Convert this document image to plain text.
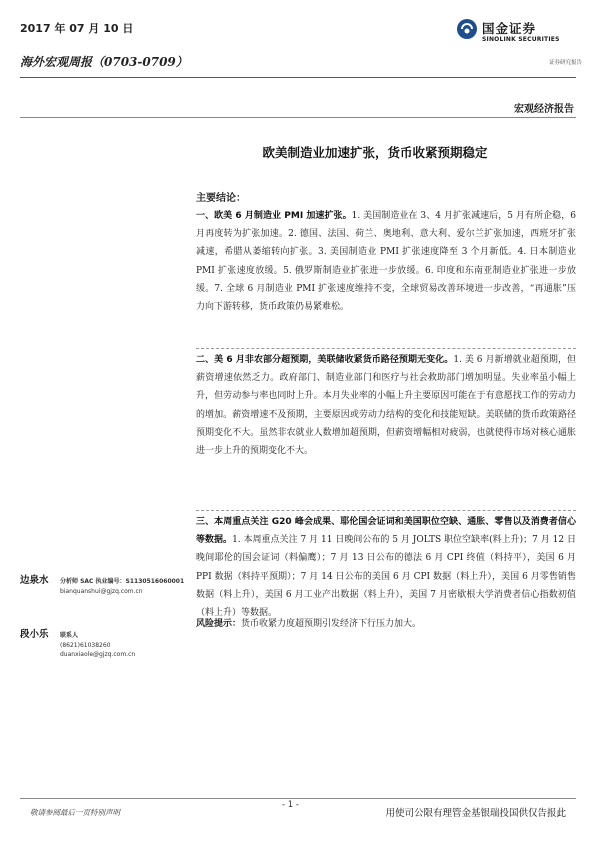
2017 年 07 月 10 日	国金证券
SINOLINK SECURITIES
证券研究报告
海外宏观周报（0703-0709）
宏观经济报告
欧美制造业加速扩张，货币收紧预期稳定
主要结论：
一、欧美 6 月制造业 PMI 加速扩张。1. 美国制造业在 3、4 月扩张减速后，5 月有所企稳，6 月再度转为扩张加速。2. 德国、法国、荷兰、奥地利、意大利、爱尔兰扩张加速，西班牙扩张减速，希腊从萎缩转向扩张。3. 美国制造业 PMI 扩张速度降至 3 个月新低。4. 日本制造业 PMI 扩张速度放缓。5. 俄罗斯制造业扩张进一步放缓。6. 印度和东南亚制造业扩张进一步放缓。7. 全球 6 月制造业 PMI 扩张速度维持不变，全球贸易改善环境进一步改善，“再通胀”压力向下游转移，货币政策仍易紧难松。
二、美 6 月非农部分超预期，美联储收紧货币路径预期无变化。1. 美 6 月新增就业超预期，但薪资增速依然乏力。政府部门、制造业部门和医疗与社会救助部门增加明显。失业率虽小幅上升，但劳动参与率也同时上升。本月失业率的小幅上升主要原因可能在于有意愿找工作的劳动力的增加。薪资增速不及预期，主要原因或劳动力结构的变化和技能短缺。美联储的货币政策路径预期变化不大。虽然非农就业人数增加超预期，但薪资增幅相对疲弱，也就使得市场对核心通胀进一步上升的预期变化不大。
三、本周重点关注 G20 峰会成果、耶伦国会证词和美国职位空缺、通胀、零售以及消费者信心等数据。1. 本周重点关注 7 月 11 日晚间公布的 5 月 JOLTS 职位空缺率(料上升)；7 月 12 日晚间耶伦的国会证词（料偏鹰）；7 月 13 日公布的德法 6 月 CPI 终值（料持平），美国 6 月 PPI 数据（料持平预期）；7 月 14 日公布的美国 6 月 CPI 数据（料上升），美国 6 月零售销售数据（料上升），美国 6 月工业产出数据（料上升），美国 7 月密歇根大学消费者信心指数初值（料上升）等数据。
边泉水 分析师 SAC 执业编号：S1130516060001
bianquanshui@gjzq.com.cn
段小乐 联系人
(8621)61038260
duanxiaole@gjzq.com.cn
风险提示：货币收紧力度超预期引发经济下行压力加大。
敬请参阅最后一页特别声明
- 1 -
用使司公限有理管金基银瑞投国供仅告报此
